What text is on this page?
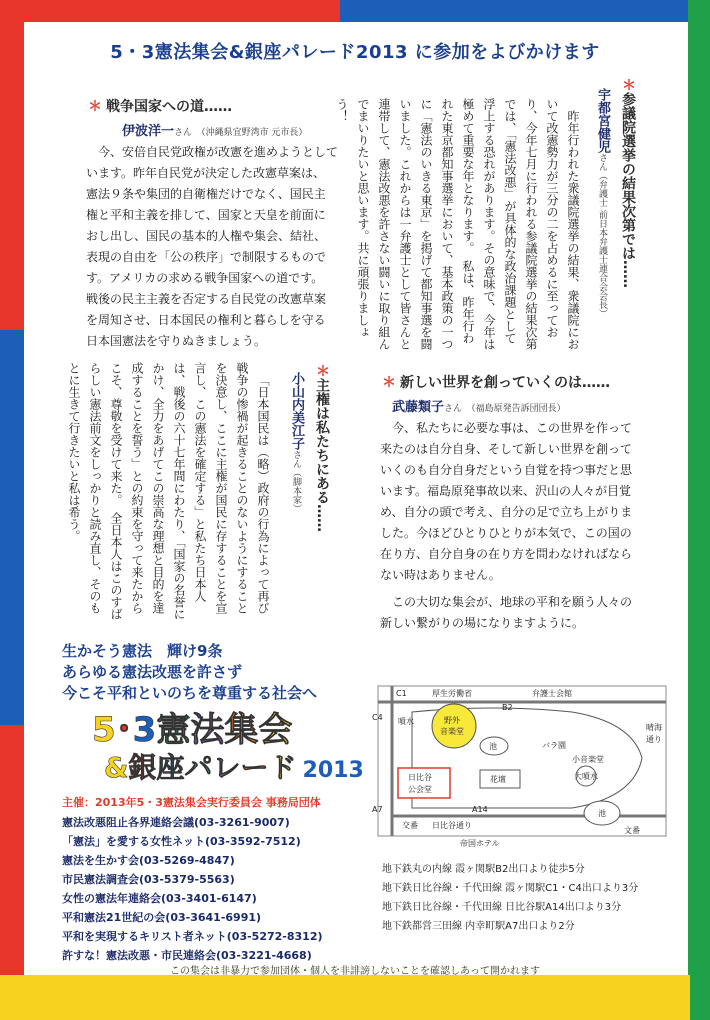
5・3憲法集会&銀座パレード2013 に参加をよびかけます
＊ 戦争国家への道……
伊波洋一さん （沖縄県宜野湾市 元市長）
今、安倍自民党政権が改憲を進めようとして
います。昨年自民党が決定した改憲草案は、
憲法９条や集団的自衛権だけでなく、国民主
権と平和主義を排して、国家と天皇を前面に
おし出し、国民の基本的人権や集会、結社、
表現の自由を「公の秩序」で制限するもので
す。アメリカの求める戦争国家への道です。
戦後の民主主義を否定する自民党の改憲草案
を周知させ、日本国民の権利と暮らしを守る
日本国憲法を守りぬきましょう。
＊参議院選挙の結果次第では……
宇都宮健児さん（弁護士 前日本弁護士連合会会長）

昨年行われた衆議院選挙の結果、衆議院において改憲勢力が三分の二を占めるに至っており、今年七月に行われる参議院選挙の結果次第では、「憲法改悪」が具体的な政治課題として浮上する恐れがあります。その意味で、今年は極めて重要な年となります。　私は、昨年行われた東京都知事選挙において、基本政策の一つに「憲法のいきる東京」を掲げて都知事選を闘いました。これからは一弁護士として皆さんと連帯して、憲法改悪を許さない闘いに取り組んでまいりたいと思います。共に頑張りましょう！

＊主権は私たちにある……
小山内美江子さん（脚本家）

「日本国民は（略）政府の行為によって再び戦争の惨禍が起きることのないようにすることを決意し、ここに主権が国民に存することを宣言し、この憲法を確定する」と私たち日本人は、戦後の六十七年間にわたり、「国家の名誉にかけ、全力をあげてこの崇高な理想と目的を達成することを誓う」との約束を守って来たからこそ、尊敬を受けて来た。　全日本人はこのすばらしい憲法前文をしっかりと読み直し、そのもとに生きて行きたいと私は希う。	＊ 新しい世界を創っていくのは……
武藤類子さん （福島原発告訴団団長）
今、私たちに必要な事は、この世界を作って
来たのは自分自身、そして新しい世界を創って
いくのも自分自身だという自覚を持つ事だと思
います。福島原発事故以来、沢山の人々が目覚
め、自分の頭で考え、自分の足で立ち上がりま
した。今ほどひとりひとりが本気で、この国の
在り方、自分自身の在り方を問わなければなら
ない時はありません。
この大切な集会が、地球の平和を願う人々の
新しい繋がりの場になりますように。
生かそう憲法　輝け9条
あらゆる憲法改悪を許さず
今こそ平和といのちを尊重する社会へ
5･3憲法集会
&銀座パレード 2013
主催：2013年5・3憲法集会実行委員会 事務局団体
憲法改悪阻止各界連絡会議(03-3261-9007)
「憲法」を愛する女性ネット(03-3592-7512)
憲法を生かす会(03-5269-4847)
市民憲法調査会(03-5379-5563)
女性の憲法年連絡会(03-3401-6147)
平和憲法21世紀の会(03-3641-6991)
平和を実現するキリスト者ネット(03-5272-8312)
許すな！憲法改悪・市民連絡会(03-3221-4668)
C1	厚生労働省	弁護士会館
B2
C4 噴水	野外
音楽堂	晴海
通り
池	バラ園
小音楽堂
大噴水
花壇
日比谷
公会堂
池
A7	A14
交番 日比谷通り
帝国ホテル
文番
地下鉄丸の内線 霞ヶ関駅B2出口より徒歩5分
地下鉄日比谷線・千代田線 霞ヶ関駅C1・C4出口より3分
地下鉄日比谷線・千代田線 日比谷駅A14出口より3分
地下鉄都営三田線 内幸町駅A7出口より2分
この集会は非暴力で参加団体・個人を非誹謗しないことを確認しあって開かれます
